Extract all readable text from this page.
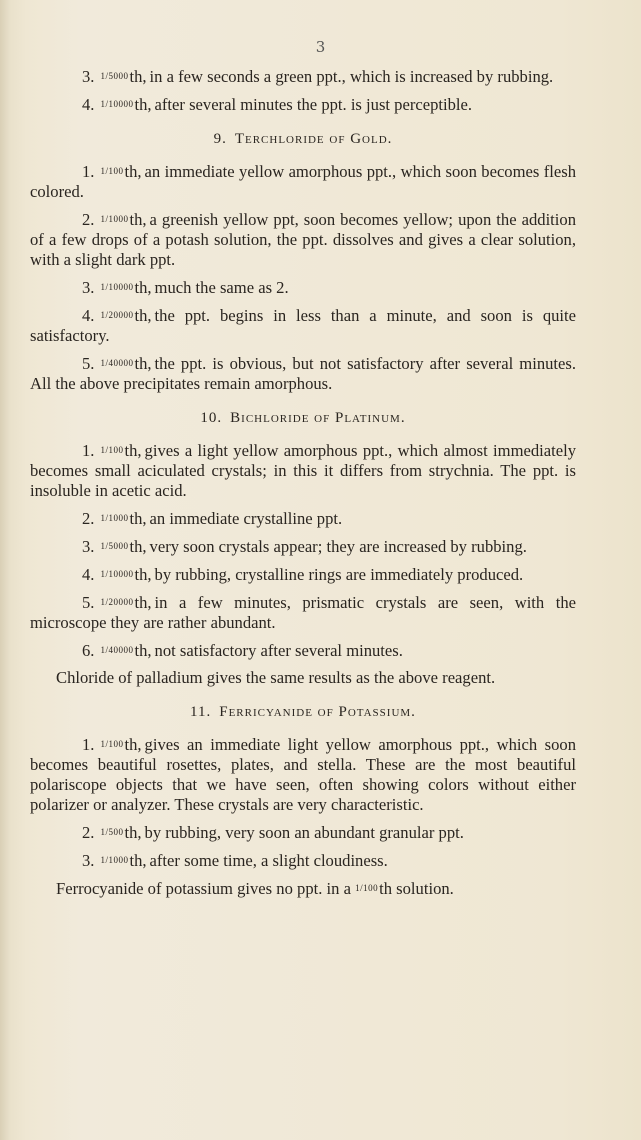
3

3. 1/5000th, in a few seconds a green ppt., which is increased by rubbing.

4. 1/10000th, after several minutes the ppt. is just perceptible.

9. Terchloride of Gold.

1. 1/100th, an immediate yellow amorphous ppt., which soon becomes flesh colored.

2. 1/1000th, a greenish yellow ppt, soon becomes yellow; upon the addition of a few drops of a potash solution, the ppt. dissolves and gives a clear solution, with a slight dark ppt.

3. 1/10000th, much the same as 2.

4. 1/20000th, the ppt. begins in less than a minute, and soon is quite satisfactory.

5. 1/40000th, the ppt. is obvious, but not satisfactory after several minutes. All the above precipitates remain amorphous.

10. Bichloride of Platinum.

1. 1/100th, gives a light yellow amorphous ppt., which almost immediately becomes small aciculated crystals; in this it differs from strychnia. The ppt. is insoluble in acetic acid.

2. 1/1000th, an immediate crystalline ppt.

3. 1/5000th, very soon crystals appear; they are increased by rubbing.

4. 1/10000th, by rubbing, crystalline rings are immediately produced.

5. 1/20000th, in a few minutes, prismatic crystals are seen, with the microscope they are rather abundant.

6. 1/40000th, not satisfactory after several minutes.

Chloride of palladium gives the same results as the above reagent.

11. Ferricyanide of Potassium.

1. 1/100th, gives an immediate light yellow amorphous ppt., which soon becomes beautiful rosettes, plates, and stella. These are the most beautiful polariscope objects that we have seen, often showing colors without either polarizer or analyzer. These crystals are very characteristic.

2. 1/500th, by rubbing, very soon an abundant granular ppt.

3. 1/1000th, after some time, a slight cloudiness.

Ferrocyanide of potassium gives no ppt. in a 1/100th solution.
